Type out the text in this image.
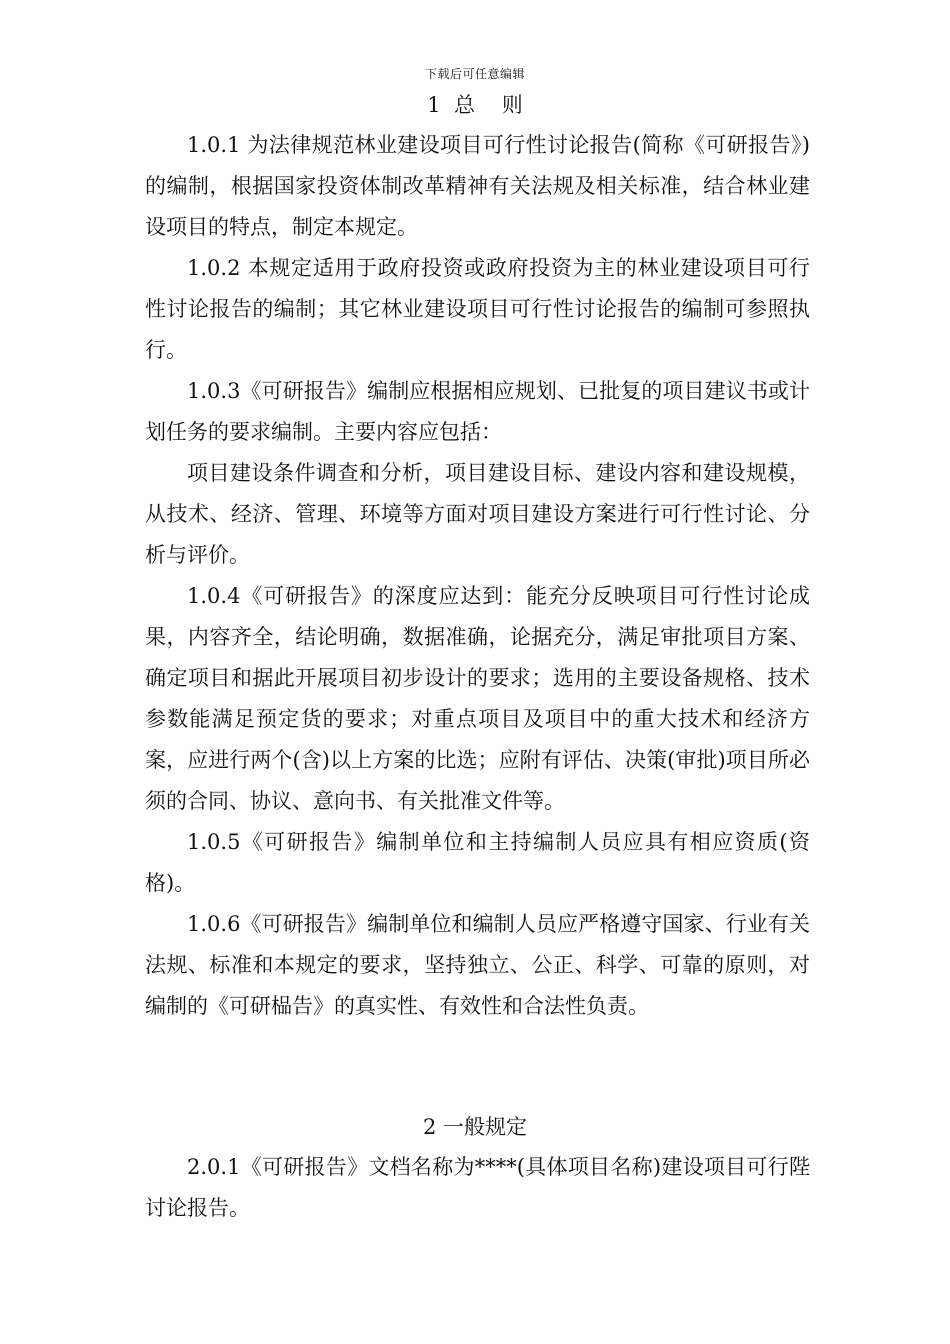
下载后可任意编辑
1  总    则

1.0.1 为法律规范林业建设项目可行性讨论报告(简称《可研报告》)的编制，根据国家投资体制改革精神有关法规及相关标准，结合林业建设项目的特点，制定本规定。

1.0.2 本规定适用于政府投资或政府投资为主的林业建设项目可行性讨论报告的编制；其它林业建设项目可行性讨论报告的编制可参照执行。

1.0.3《可研报告》编制应根据相应规划、已批复的项目建议书或计划任务的要求编制。主要内容应包括：

项目建设条件调查和分析，项目建设目标、建设内容和建设规模，从技术、经济、管理、环境等方面对项目建设方案进行可行性讨论、分析与评价。

1.0.4《可研报告》的深度应达到：能充分反映项目可行性讨论成果，内容齐全，结论明确，数据准确，论据充分，满足审批项目方案、确定项目和据此开展项目初步设计的要求；选用的主要设备规格、技术参数能满足预定货的要求；对重点项目及项目中的重大技术和经济方案，应进行两个(含)以上方案的比选；应附有评估、决策(审批)项目所必须的合同、协议、意向书、有关批准文件等。

1.0.5《可研报告》编制单位和主持编制人员应具有相应资质(资格)。

1.0.6《可研报告》编制单位和编制人员应严格遵守国家、行业有关法规、标准和本规定的要求，坚持独立、公正、科学、可靠的原则，对编制的《可研榀告》的真实性、有效性和合法性负责。

2 一般规定

2.0.1《可研报告》文档名称为****(具体项目名称)建设项目可行陛讨论报告。
